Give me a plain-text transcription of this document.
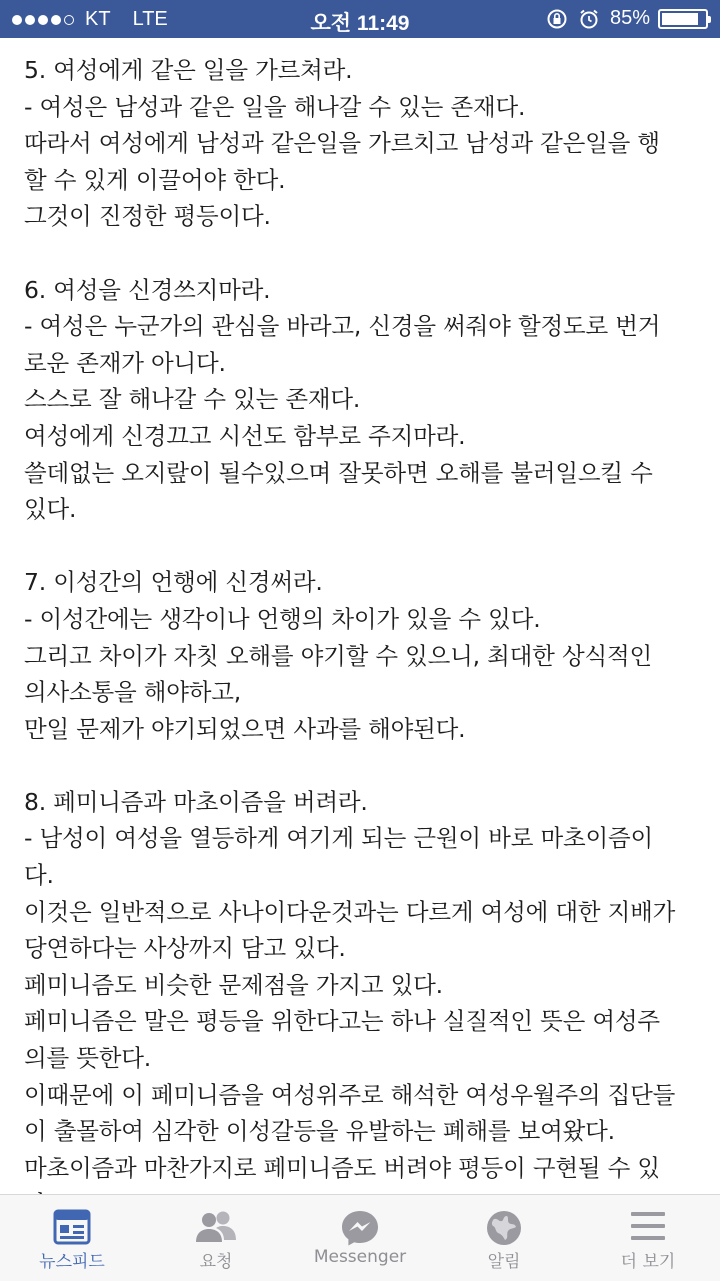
KT LTE	오전 11:49	85%
5. 여성에게 같은 일을 가르쳐라.
- 여성은 남성과 같은 일을 해나갈 수 있는 존재다.
따라서 여성에게 남성과 같은일을 가르치고 남성과 같은일을 행
할 수 있게 이끌어야 한다.
그것이 진정한 평등이다.
6. 여성을 신경쓰지마라.
- 여성은 누군가의 관심을 바라고, 신경을 써줘야 할정도로 번거
로운 존재가 아니다.
스스로 잘 해나갈 수 있는 존재다.
여성에게 신경끄고 시선도 함부로 주지마라.
쓸데없는 오지랖이 될수있으며 잘못하면 오해를 불러일으킬 수
있다.
7. 이성간의 언행에 신경써라.
- 이성간에는 생각이나 언행의 차이가 있을 수 있다.
그리고 차이가 자칫 오해를 야기할 수 있으니, 최대한 상식적인
의사소통을 해야하고,
만일 문제가 야기되었으면 사과를 해야된다.
8. 페미니즘과 마초이즘을 버려라.
- 남성이 여성을 열등하게 여기게 되는 근원이 바로 마초이즘이
다.
이것은 일반적으로 사나이다운것과는 다르게 여성에 대한 지배가
당연하다는 사상까지 담고 있다.
페미니즘도 비슷한 문제점을 가지고 있다.
페미니즘은 말은 평등을 위한다고는 하나 실질적인 뜻은 여성주
의를 뜻한다.
이때문에 이 페미니즘을 여성위주로 해석한 여성우월주의 집단들
이 출몰하여 심각한 이성갈등을 유발하는 폐해를 보여왔다.
마초이즘과 마찬가지로 페미니즘도 버려야 평등이 구현될 수 있
뉴스피드	요청	Messenger	알림	더 보기
